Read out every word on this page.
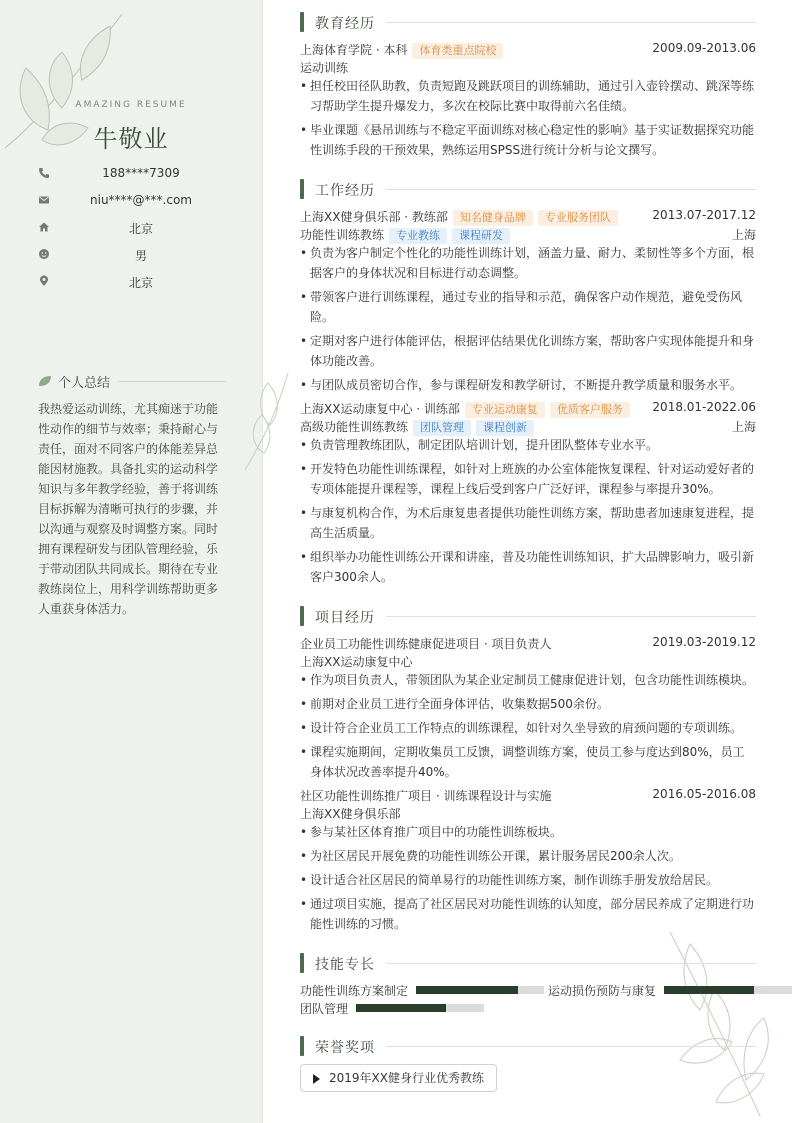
AMAZING RESUME
牛敬业
188****7309
niu****@***.com
北京
男
北京
个人总结
我热爱运动训练，尤其痴迷于功能性动作的细节与效率；秉持耐心与责任，面对不同客户的体能差异总能因材施教。具备扎实的运动科学知识与多年教学经验，善于将训练目标拆解为清晰可执行的步骤，并以沟通与观察及时调整方案。同时拥有课程研发与团队管理经验，乐于带动团队共同成长。期待在专业教练岗位上，用科学训练帮助更多人重获身体活力。
教育经历
上海体育学院 · 本科 体育类重点院校	2009.09-2013.06
运动训练
• 担任校田径队助教，负责短跑及跳跃项目的训练辅助，通过引入壶铃摆动、跳深等练习帮助学生提升爆发力，多次在校际比赛中取得前六名佳绩。
• 毕业课题《悬吊训练与不稳定平面训练对核心稳定性的影响》基于实证数据探究功能性训练手段的干预效果，熟练运用SPSS进行统计分析与论文撰写。
工作经历
上海XX健身俱乐部 · 教练部 知名健身品牌 专业服务团队	2013.07-2017.12
功能性训练教练 专业教练 课程研发	上海
• 负责为客户制定个性化的功能性训练计划，涵盖力量、耐力、柔韧性等多个方面，根据客户的身体状况和目标进行动态调整。
• 带领客户进行训练课程，通过专业的指导和示范，确保客户动作规范，避免受伤风险。
• 定期对客户进行体能评估，根据评估结果优化训练方案，帮助客户实现体能提升和身体功能改善。
• 与团队成员密切合作，参与课程研发和教学研讨，不断提升教学质量和服务水平。
上海XX运动康复中心 · 训练部 专业运动康复 优质客户服务	2018.01-2022.06
高级功能性训练教练 团队管理 课程创新	上海
• 负责管理教练团队，制定团队培训计划，提升团队整体专业水平。
• 开发特色功能性训练课程，如针对上班族的办公室体能恢复课程、针对运动爱好者的专项体能提升课程等，课程上线后受到客户广泛好评，课程参与率提升30%。
• 与康复机构合作，为术后康复患者提供功能性训练方案，帮助患者加速康复进程，提高生活质量。
• 组织举办功能性训练公开课和讲座，普及功能性训练知识，扩大品牌影响力，吸引新客户300余人。
项目经历
企业员工功能性训练健康促进项目 · 项目负责人	2019.03-2019.12
上海XX运动康复中心
• 作为项目负责人，带领团队为某企业定制员工健康促进计划，包含功能性训练模块。
• 前期对企业员工进行全面身体评估，收集数据500余份。
• 设计符合企业员工工作特点的训练课程，如针对久坐导致的肩颈问题的专项训练。
• 课程实施期间，定期收集员工反馈，调整训练方案，使员工参与度达到80%，员工身体状况改善率提升40%。
社区功能性训练推广项目 · 训练课程设计与实施	2016.05-2016.08
上海XX健身俱乐部
• 参与某社区体育推广项目中的功能性训练板块。
• 为社区居民开展免费的功能性训练公开课，累计服务居民200余人次。
• 设计适合社区居民的简单易行的功能性训练方案，制作训练手册发放给居民。
• 通过项目实施，提高了社区居民对功能性训练的认知度，部分居民养成了定期进行功能性训练的习惯。
技能专长
功能性训练方案制定	运动损伤预防与康复
团队管理
荣誉奖项
2019年XX健身行业优秀教练
